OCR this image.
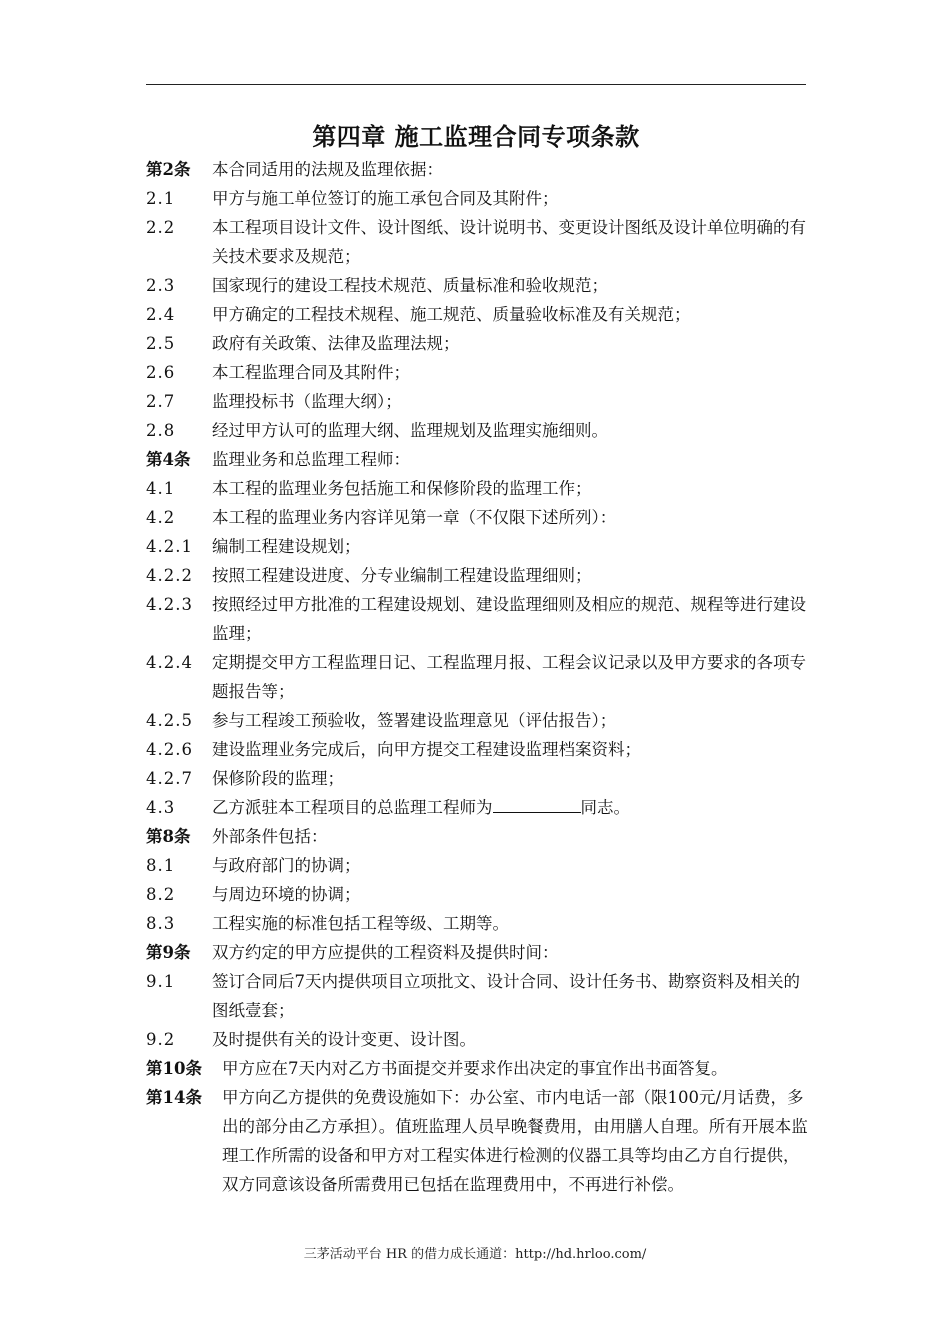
第四章 施工监理合同专项条款
第2条	本合同适用的法规及监理依据：
2.1	甲方与施工单位签订的施工承包合同及其附件；
2.2	本工程项目设计文件、设计图纸、设计说明书、变更设计图纸及设计单位明确的有关技术要求及规范；
2.3	国家现行的建设工程技术规范、质量标准和验收规范；
2.4	甲方确定的工程技术规程、施工规范、质量验收标准及有关规范；
2.5	政府有关政策、法律及监理法规；
2.6	本工程监理合同及其附件；
2.7	监理投标书（监理大纲）；
2.8	经过甲方认可的监理大纲、监理规划及监理实施细则。
第4条	监理业务和总监理工程师：
4.1	本工程的监理业务包括施工和保修阶段的监理工作；
4.2	本工程的监理业务内容详见第一章（不仅限下述所列）：
4.2.1	编制工程建设规划；
4.2.2	按照工程建设进度、分专业编制工程建设监理细则；
4.2.3	按照经过甲方批准的工程建设规划、建设监理细则及相应的规范、规程等进行建设监理；
4.2.4	定期提交甲方工程监理日记、工程监理月报、工程会议记录以及甲方要求的各项专题报告等；
4.2.5	参与工程竣工预验收，签署建设监理意见（评估报告）；
4.2.6	建设监理业务完成后，向甲方提交工程建设监理档案资料；
4.2.7	保修阶段的监理；
4.3	乙方派驻本工程项目的总监理工程师为	同志。
第8条	外部条件包括：
8.1	与政府部门的协调；
8.2	与周边环境的协调；
8.3	工程实施的标准包括工程等级、工期等。
第9条	双方约定的甲方应提供的工程资料及提供时间：
9.1	签订合同后7天内提供项目立项批文、设计合同、设计任务书、勘察资料及相关的图纸壹套；
9.2	及时提供有关的设计变更、设计图。
第10条	甲方应在7天内对乙方书面提交并要求作出决定的事宜作出书面答复。
第14条	甲方向乙方提供的免费设施如下：办公室、市内电话一部（限100元/月话费，多出的部分由乙方承担）。值班监理人员早晚餐费用，由用膳人自理。所有开展本监理工作所需的设备和甲方对工程实体进行检测的仪器工具等均由乙方自行提供，双方同意该设备所需费用已包括在监理费用中，不再进行补偿。
三茅活动平台 HR 的借力成长通道：http://hd.hrloo.com/
